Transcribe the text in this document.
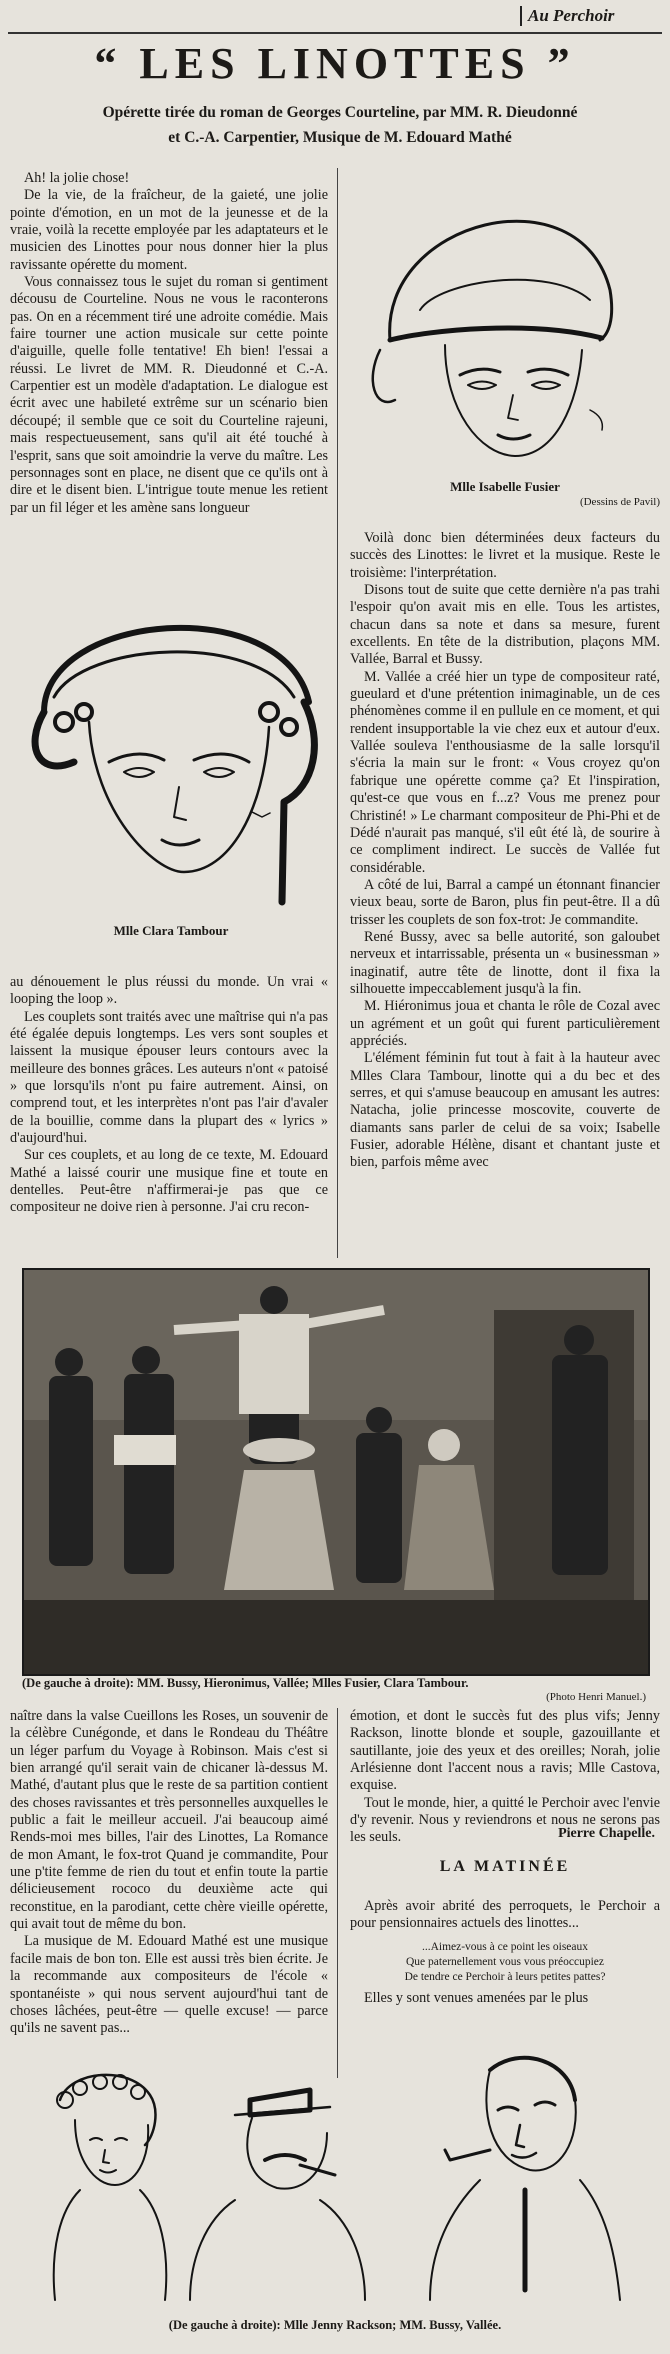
Au Perchoir
“ LES LINOTTES ”
Opérette tirée du roman de Georges Courteline, par MM. R. Dieudonné
et C.-A. Carpentier, Musique de M. Edouard Mathé

Ah! la jolie chose!

De la vie, de la fraîcheur, de la gaieté, une jolie pointe d'émotion, en un mot de la jeunesse et de la vraie, voilà la recette employée par les adaptateurs et le musicien des Linottes pour nous donner hier la plus ravissante opérette du moment.

Vous connaissez tous le sujet du roman si gentiment décousu de Courteline. Nous ne vous le raconterons pas. On en a récemment tiré une adroite comédie. Mais faire tourner une action musicale sur cette pointe d'aiguille, quelle folle tentative! Eh bien! l'essai a réussi. Le livret de MM. R. Dieudonné et C.-A. Carpentier est un modèle d'adaptation. Le dialogue est écrit avec une habileté extrême sur un scénario bien découpé; il semble que ce soit du Courteline rajeuni, mais respectueusement, sans qu'il ait été touché à l'esprit, sans que soit amoindrie la verve du maître. Les personnages sont en place, ne disent que ce qu'ils ont à dire et le disent bien. L'intrigue toute menue les retient par un fil léger et les amène sans longueur

Mlle Clara Tambour

au dénouement le plus réussi du monde. Un vrai « looping the loop ».

Les couplets sont traités avec une maîtrise qui n'a pas été égalée depuis longtemps. Les vers sont souples et laissent la musique épouser leurs contours avec la meilleure des bonnes grâces. Les auteurs n'ont « patoisé » que lorsqu'ils n'ont pu faire autrement. Ainsi, on comprend tout, et les interprètes n'ont pas l'air d'avaler de la bouillie, comme dans la plupart des « lyrics » d'aujourd'hui.

Sur ces couplets, et au long de ce texte, M. Edouard Mathé a laissé courir une musique fine et toute en dentelles. Peut-être n'affirmerai-je pas que ce compositeur ne doive rien à personne. J'ai cru recon-

Mlle Isabelle Fusier
(Dessins de Pavil)

Voilà donc bien déterminées deux facteurs du succès des Linottes: le livret et la musique. Reste le troisième: l'interprétation.

Disons tout de suite que cette dernière n'a pas trahi l'espoir qu'on avait mis en elle. Tous les artistes, chacun dans sa note et dans sa mesure, furent excellents. En tête de la distribution, plaçons MM. Vallée, Barral et Bussy.

M. Vallée a créé hier un type de compositeur raté, gueulard et d'une prétention inimaginable, un de ces phénomènes comme il en pullule en ce moment, et qui rendent insupportable la vie chez eux et autour d'eux. Vallée souleva l'enthousiasme de la salle lorsqu'il s'écria la main sur le front: « Vous croyez qu'on fabrique une opérette comme ça? Et l'inspiration, qu'est-ce que vous en f...z? Vous me prenez pour Christiné! » Le charmant compositeur de Phi-Phi et de Dédé n'aurait pas manqué, s'il eût été là, de sourire à ce compliment indirect. Le succès de Vallée fut considérable.

A côté de lui, Barral a campé un étonnant financier vieux beau, sorte de Baron, plus fin peut-être. Il a dû trisser les couplets de son fox-trot: Je commandite.

René Bussy, avec sa belle autorité, son galoubet nerveux et intarrissable, présenta un « businessman » inaginatif, autre tête de linotte, dont il fixa la silhouette impeccablement jusqu'à la fin.

M. Hiéronimus joua et chanta le rôle de Cozal avec un agrément et un goût qui furent particulièrement appréciés.

L'élément féminin fut tout à fait à la hauteur avec Mlles Clara Tambour, linotte qui a du bec et des serres, et qui s'amuse beaucoup en amusant les autres: Natacha, jolie princesse moscovite, couverte de diamants sans parler de celui de sa voix; Isabelle Fusier, adorable Hélène, disant et chantant juste et bien, parfois même avec

(De gauche à droite): MM. Bussy, Hieronimus, Vallée; Mlles Fusier, Clara Tambour.
(Photo Henri Manuel.)

naître dans la valse Cueillons les Roses, un souvenir de la célèbre Cunégonde, et dans le Rondeau du Théâtre un léger parfum du Voyage à Robinson. Mais c'est si bien arrangé qu'il serait vain de chicaner là-dessus M. Mathé, d'autant plus que le reste de sa partition contient des choses ravissantes et très personnelles auxquelles le public a fait le meilleur accueil. J'ai beaucoup aimé Rends-moi mes billes, l'air des Linottes, La Romance de mon Amant, le fox-trot Quand je commandite, Pour une p'tite femme de rien du tout et enfin toute la partie délicieusement rococo du deuxième acte qui reconstitue, en la parodiant, cette chère vieille opérette, qui avait tout de même du bon.

La musique de M. Edouard Mathé est une musique facile mais de bon ton. Elle est aussi très bien écrite. Je la recommande aux compositeurs de l'école « spontanéiste » qui nous servent aujourd'hui tant de choses lâchées, peut-être — quelle excuse! — parce qu'ils ne savent pas...

émotion, et dont le succès fut des plus vifs; Jenny Rackson, linotte blonde et souple, gazouillante et sautillante, joie des yeux et des oreilles; Norah, jolie Arlésienne dont l'accent nous a ravis; Mlle Castova, exquise.

Tout le monde, hier, a quitté le Perchoir avec l'envie d'y revenir. Nous y reviendrons et nous ne serons pas les seuls.	Pierre Chapelle.
LA MATINÉE

Après avoir abrité des perroquets, le Perchoir a pour pensionnaires actuels des linottes...

...Aimez-vous à ce point les oiseaux
Que paternellement vous vous préoccupiez
De tendre ce Perchoir à leurs petites pattes?

Elles y sont venues amenées par le plus

(De gauche à droite): Mlle Jenny Rackson; MM. Bussy, Vallée.
